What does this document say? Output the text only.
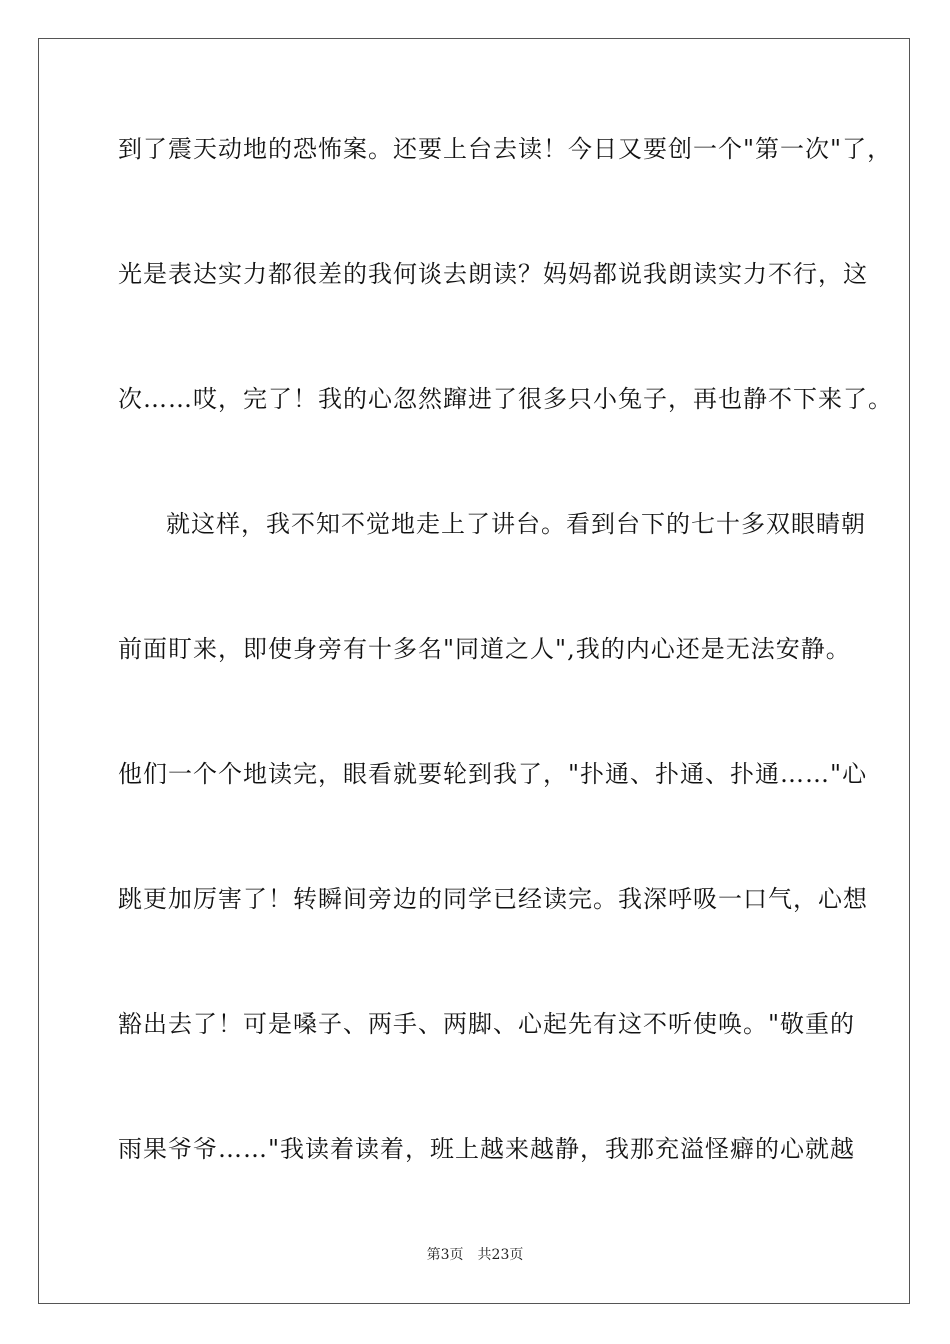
到了震天动地的恐怖案。还要上台去读！今日又要创一个"第一次"了，
光是表达实力都很差的我何谈去朗读？妈妈都说我朗读实力不行，这
次……哎，完了！我的心忽然蹿进了很多只小兔子，再也静不下来了。
就这样，我不知不觉地走上了讲台。看到台下的七十多双眼睛朝
前面盯来，即使身旁有十多名"同道之人",我的内心还是无法安静。
他们一个个地读完，眼看就要轮到我了，"扑通、扑通、扑通……"心
跳更加厉害了！转瞬间旁边的同学已经读完。我深呼吸一口气，心想
豁出去了！可是嗓子、两手、两脚、心起先有这不听使唤。"敬重的
雨果爷爷……"我读着读着，班上越来越静，我那充溢怪癖的心就越
第3页 共23页
